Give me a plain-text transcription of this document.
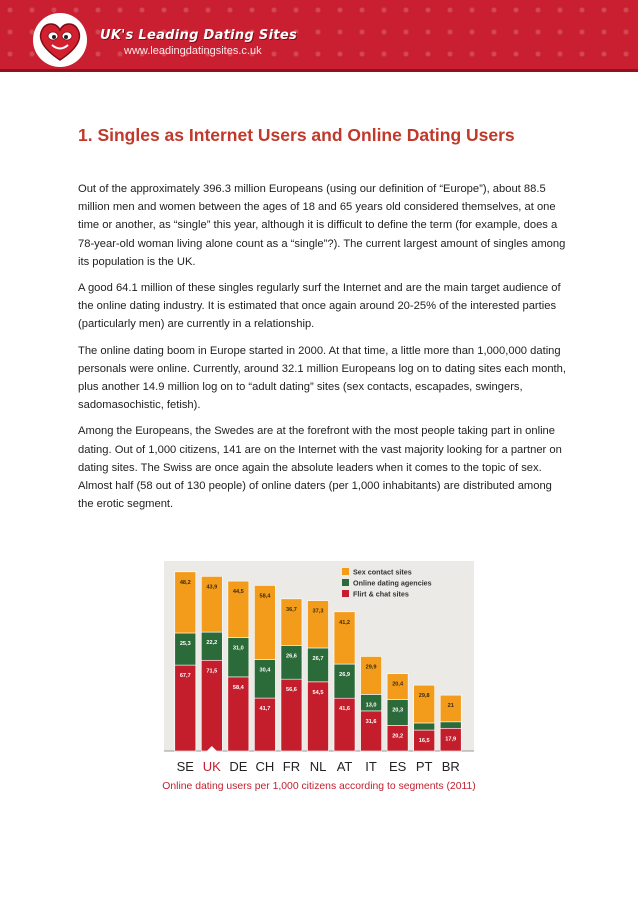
UK's Leading Dating Sites
www.leadingdatingsites.c.uk
1. Singles as Internet Users and Online Dating Users

Out of the approximately 396.3 million Europeans (using our definition of “Europe”), about 88.5 million men and women between the ages of 18 and 65 years old considered themselves, at one time or another, as “single” this year, although it is difficult to define the term (for example, does a 78-year-old woman living alone count as a “single”?). The current largest amount of singles among its population is the UK.

A good 64.1 million of these singles regularly surf the Internet and are the main target audience of the online dating industry. It is estimated that once again around 20-25% of the interested parties (particularly men) are currently in a relationship.

The online dating boom in Europe started in 2000. At that time, a little more than 1,000,000 dating personals were online. Currently, around 32.1 million Europeans log on to dating sites each month, plus another 14.9 million log on to “adult dating” sites (sex contacts, escapades, swingers, sadomasochistic, fetish).

Among the Europeans, the Swedes are at the forefront with the most people taking part in online dating. Out of 1,000 citizens, 141 are on the Internet with the vast majority looking for a partner on dating sites. The Swiss are once again the absolute leaders when it comes to the topic of sex. Almost half (58 out of 130 people) of online daters (per 1,000 inhabitants) are distributed among the erotic segment.

67,7
25,3
48,2
SE
71,5
22,2
43,9
UK
58,4
31,0
44,5
DE
41,7
30,4
58,4
CH
56,6
26,6
36,7
FR
54,5
26,7
37,3
NL
41,6
26,9
41,2
AT
31,6
13,0
29,9
IT
20,2
20,3
20,4
ES
16,5
29,8
PT
17,9
21
BR
Sex contact sites
Online dating agencies
Flirt & chat sites
Online dating users per 1,000 citizens according to segments (2011)
